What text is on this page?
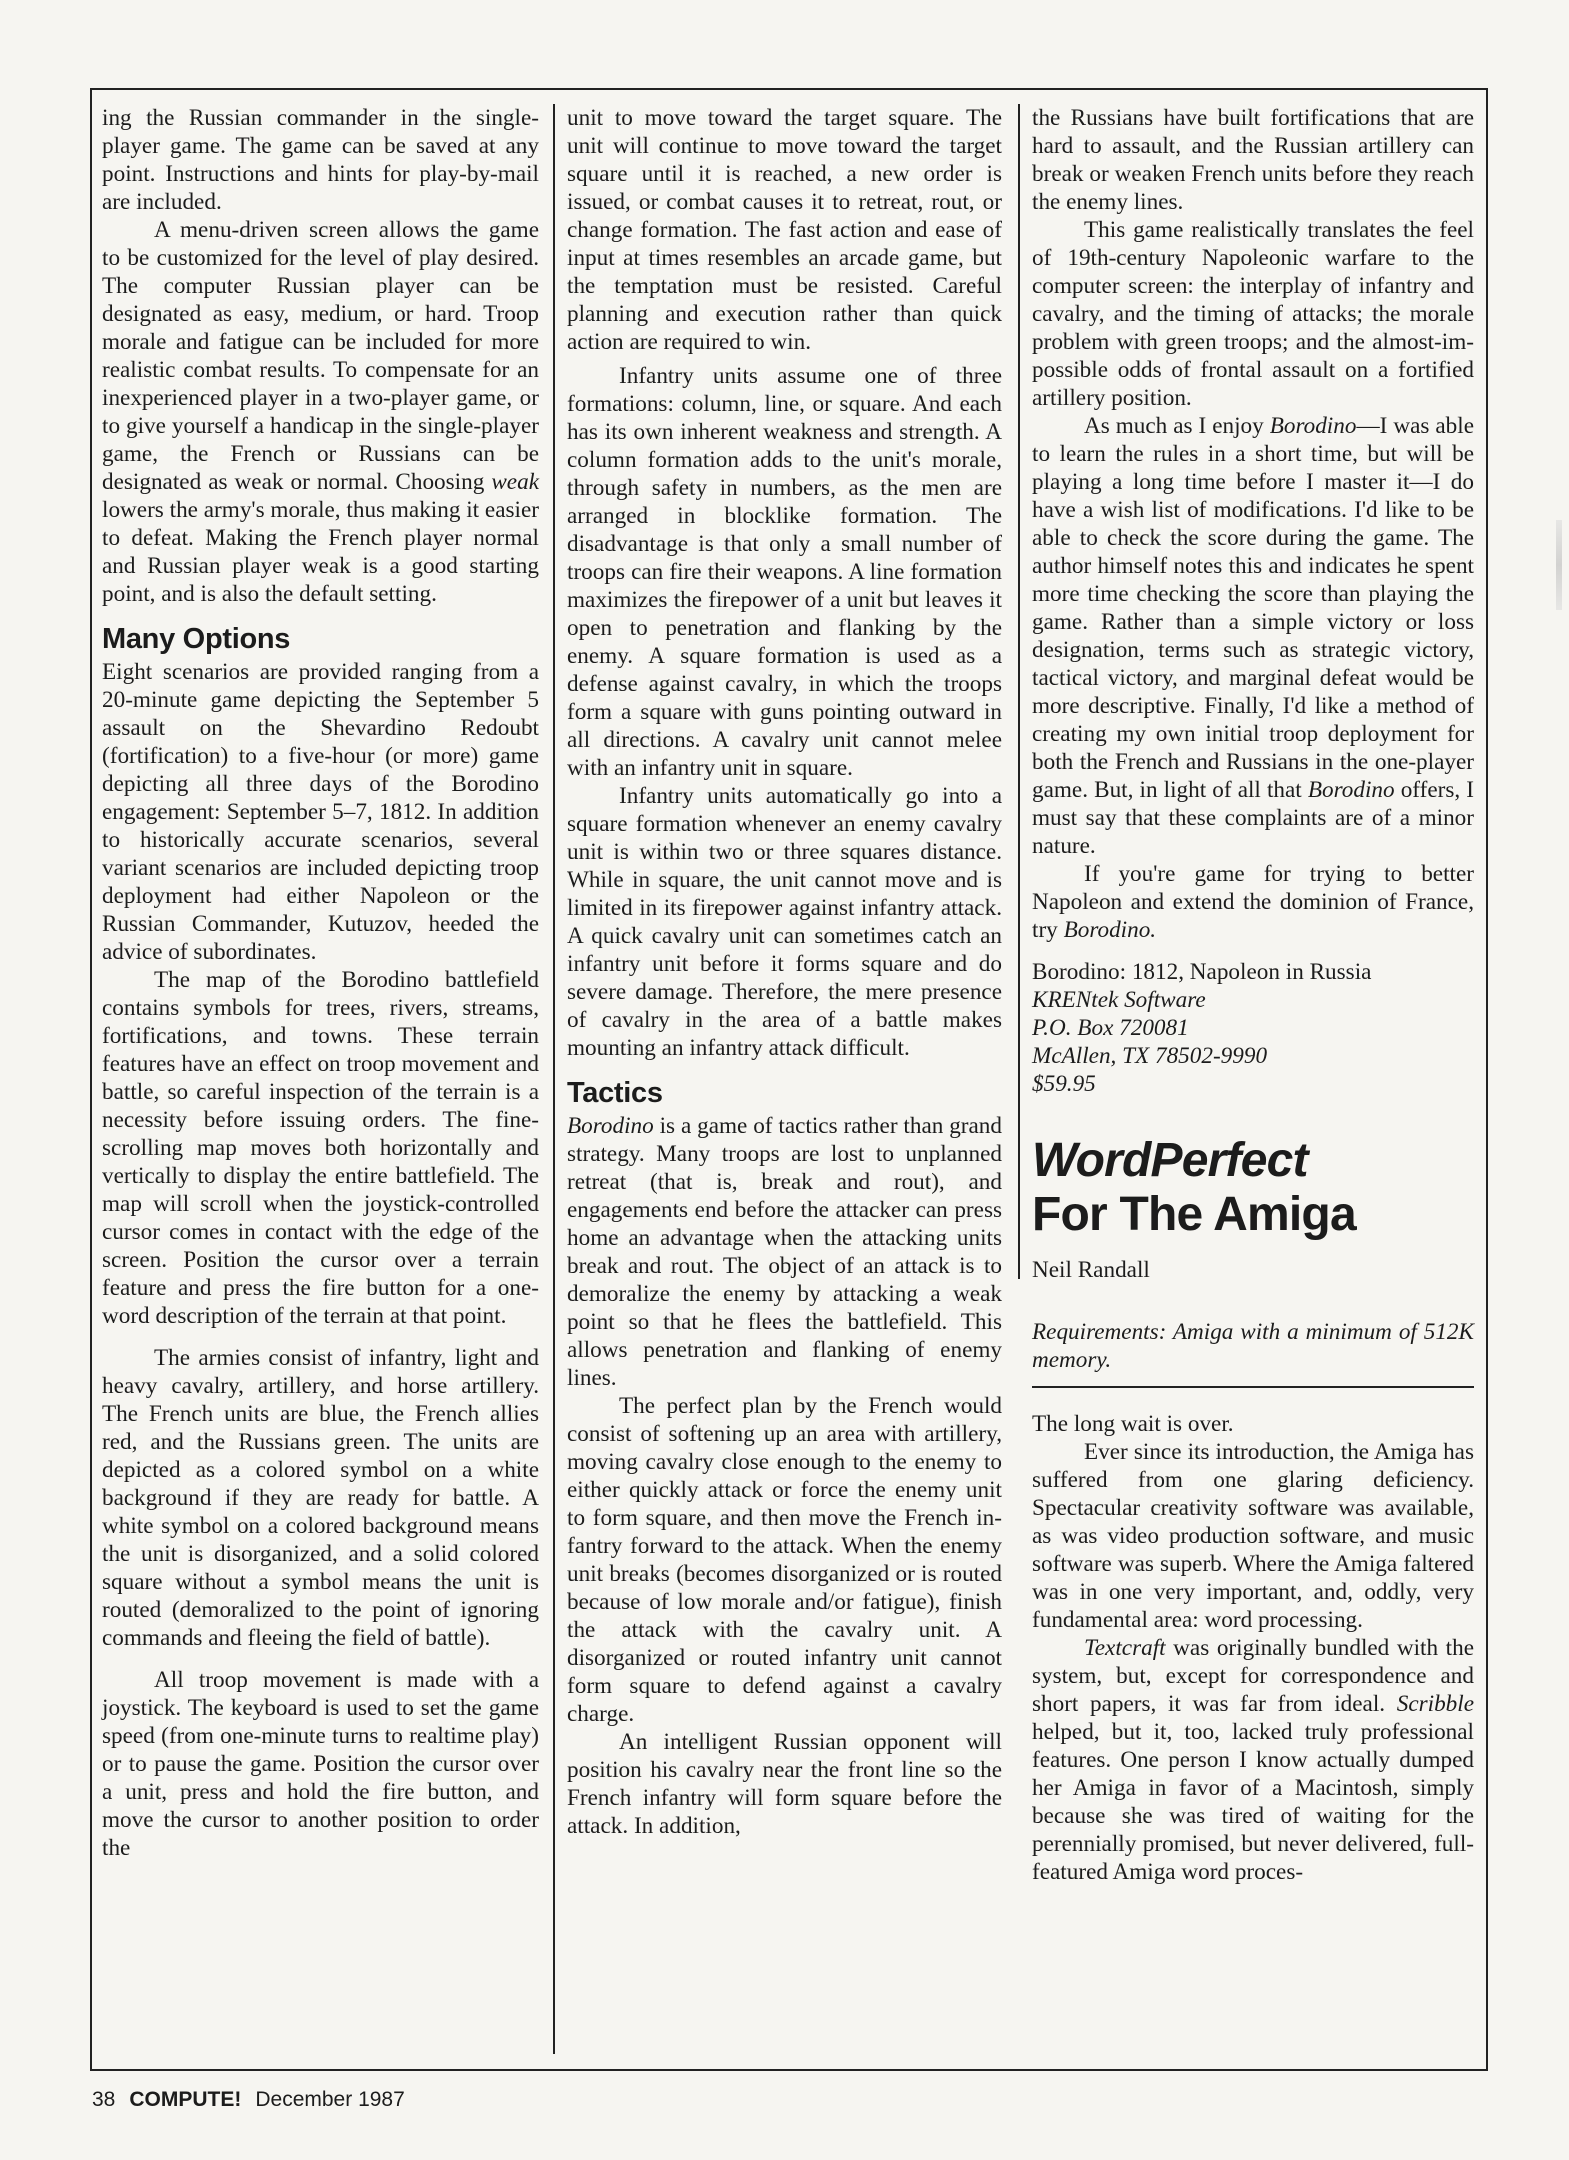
ing the Russian commander in the single-player game. The game can be saved at any point. Instructions and hints for play-by-mail are included.

A menu-driven screen allows the game to be customized for the level of play desired. The computer Russian player can be designated as easy, medium, or hard. Troop morale and fatigue can be included for more realistic combat results. To compensate for an inexperienced player in a two-player game, or to give yourself a handicap in the single-player game, the French or Russians can be designated as weak or normal. Choosing weak lowers the army's morale, thus making it easier to defeat. Making the French player normal and Russian player weak is a good starting point, and is also the default setting.

Many Options

Eight scenarios are provided ranging from a 20-minute game depicting the September 5 assault on the Shevardino Redoubt (fortification) to a five-hour (or more) game depicting all three days of the Borodino engagement: September 5–7, 1812. In addition to historically accurate scenarios, several variant scenarios are included depicting troop deployment had either Napoleon or the Russian Commander, Kutuzov, heeded the advice of subordinates.

The map of the Borodino battlefield contains symbols for trees, rivers, streams, fortifications, and towns. These terrain features have an effect on troop movement and battle, so careful inspection of the terrain is a necessity before issuing orders. The fine-scrolling map moves both horizontally and vertically to display the entire battlefield. The map will scroll when the joystick-controlled cursor comes in contact with the edge of the screen. Position the cursor over a terrain feature and press the fire button for a one-word description of the terrain at that point.

The armies consist of infantry, light and heavy cavalry, artillery, and horse artillery. The French units are blue, the French allies red, and the Russians green. The units are depicted as a colored symbol on a white background if they are ready for battle. A white symbol on a colored background means the unit is disorganized, and a solid colored square without a symbol means the unit is routed (demoralized to the point of ignoring commands and fleeing the field of battle).

All troop movement is made with a joystick. The keyboard is used to set the game speed (from one-minute turns to realtime play) or to pause the game. Position the cursor over a unit, press and hold the fire button, and move the cursor to another position to order the

unit to move toward the target square. The unit will continue to move toward the target square until it is reached, a new order is issued, or combat causes it to retreat, rout, or change formation. The fast action and ease of input at times resembles an arcade game, but the temptation must be resisted. Careful planning and execution rather than quick action are required to win.

Infantry units assume one of three formations: column, line, or square. And each has its own inherent weakness and strength. A column formation adds to the unit's morale, through safety in numbers, as the men are arranged in blocklike formation. The disadvantage is that only a small number of troops can fire their weapons. A line formation maximizes the firepower of a unit but leaves it open to penetration and flanking by the enemy. A square formation is used as a defense against cavalry, in which the troops form a square with guns pointing outward in all directions. A cavalry unit cannot melee with an infantry unit in square.

Infantry units automatically go into a square formation whenever an enemy cavalry unit is within two or three squares distance. While in square, the unit cannot move and is limited in its firepower against infantry attack. A quick cavalry unit can sometimes catch an infantry unit before it forms square and do severe damage. Therefore, the mere presence of cavalry in the area of a battle makes mounting an infantry attack difficult.

Tactics

Borodino is a game of tactics rather than grand strategy. Many troops are lost to unplanned retreat (that is, break and rout), and engagements end before the attacker can press home an advantage when the attacking units break and rout. The object of an attack is to demoralize the enemy by attacking a weak point so that he flees the battlefield. This allows penetration and flanking of enemy lines.

The perfect plan by the French would consist of softening up an area with artillery, moving cavalry close enough to the enemy to either quickly attack or force the enemy unit to form square, and then move the French infantry forward to the attack. When the enemy unit breaks (becomes disorganized or is routed because of low morale and/or fatigue), finish the attack with the cavalry unit. A disorganized or routed infantry unit cannot form square to defend against a cavalry charge.

An intelligent Russian opponent will position his cavalry near the front line so the French infantry will form square before the attack. In addition,

the Russians have built fortifications that are hard to assault, and the Russian artillery can break or weaken French units before they reach the enemy lines.

This game realistically translates the feel of 19th-century Napoleonic warfare to the computer screen: the interplay of infantry and cavalry, and the timing of attacks; the morale problem with green troops; and the almost-impossible odds of frontal assault on a fortified artillery position.

As much as I enjoy Borodino—I was able to learn the rules in a short time, but will be playing a long time before I master it—I do have a wish list of modifications. I'd like to be able to check the score during the game. The author himself notes this and indicates he spent more time checking the score than playing the game. Rather than a simple victory or loss designation, terms such as strategic victory, tactical victory, and marginal defeat would be more descriptive. Finally, I'd like a method of creating my own initial troop deployment for both the French and Russians in the one-player game. But, in light of all that Borodino offers, I must say that these complaints are of a minor nature.

If you're game for trying to better Napoleon and extend the dominion of France, try Borodino.

Borodino: 1812, Napoleon in Russia
KRENtek Software
P.O. Box 720081
McAllen, TX 78502-9990
$59.95
WordPerfect
For The Amiga

Neil Randall

Requirements: Amiga with a minimum of 512K memory.

The long wait is over.

Ever since its introduction, the Amiga has suffered from one glaring deficiency. Spectacular creativity software was available, as was video production software, and music software was superb. Where the Amiga faltered was in one very important, and, oddly, very fundamental area: word processing.

Textcraft was originally bundled with the system, but, except for correspondence and short papers, it was far from ideal. Scribble helped, but it, too, lacked truly professional features. One person I know actually dumped her Amiga in favor of a Macintosh, simply because she was tired of waiting for the perennially promised, but never delivered, full-featured Amiga word proces-

38 COMPUTE! December 1987
